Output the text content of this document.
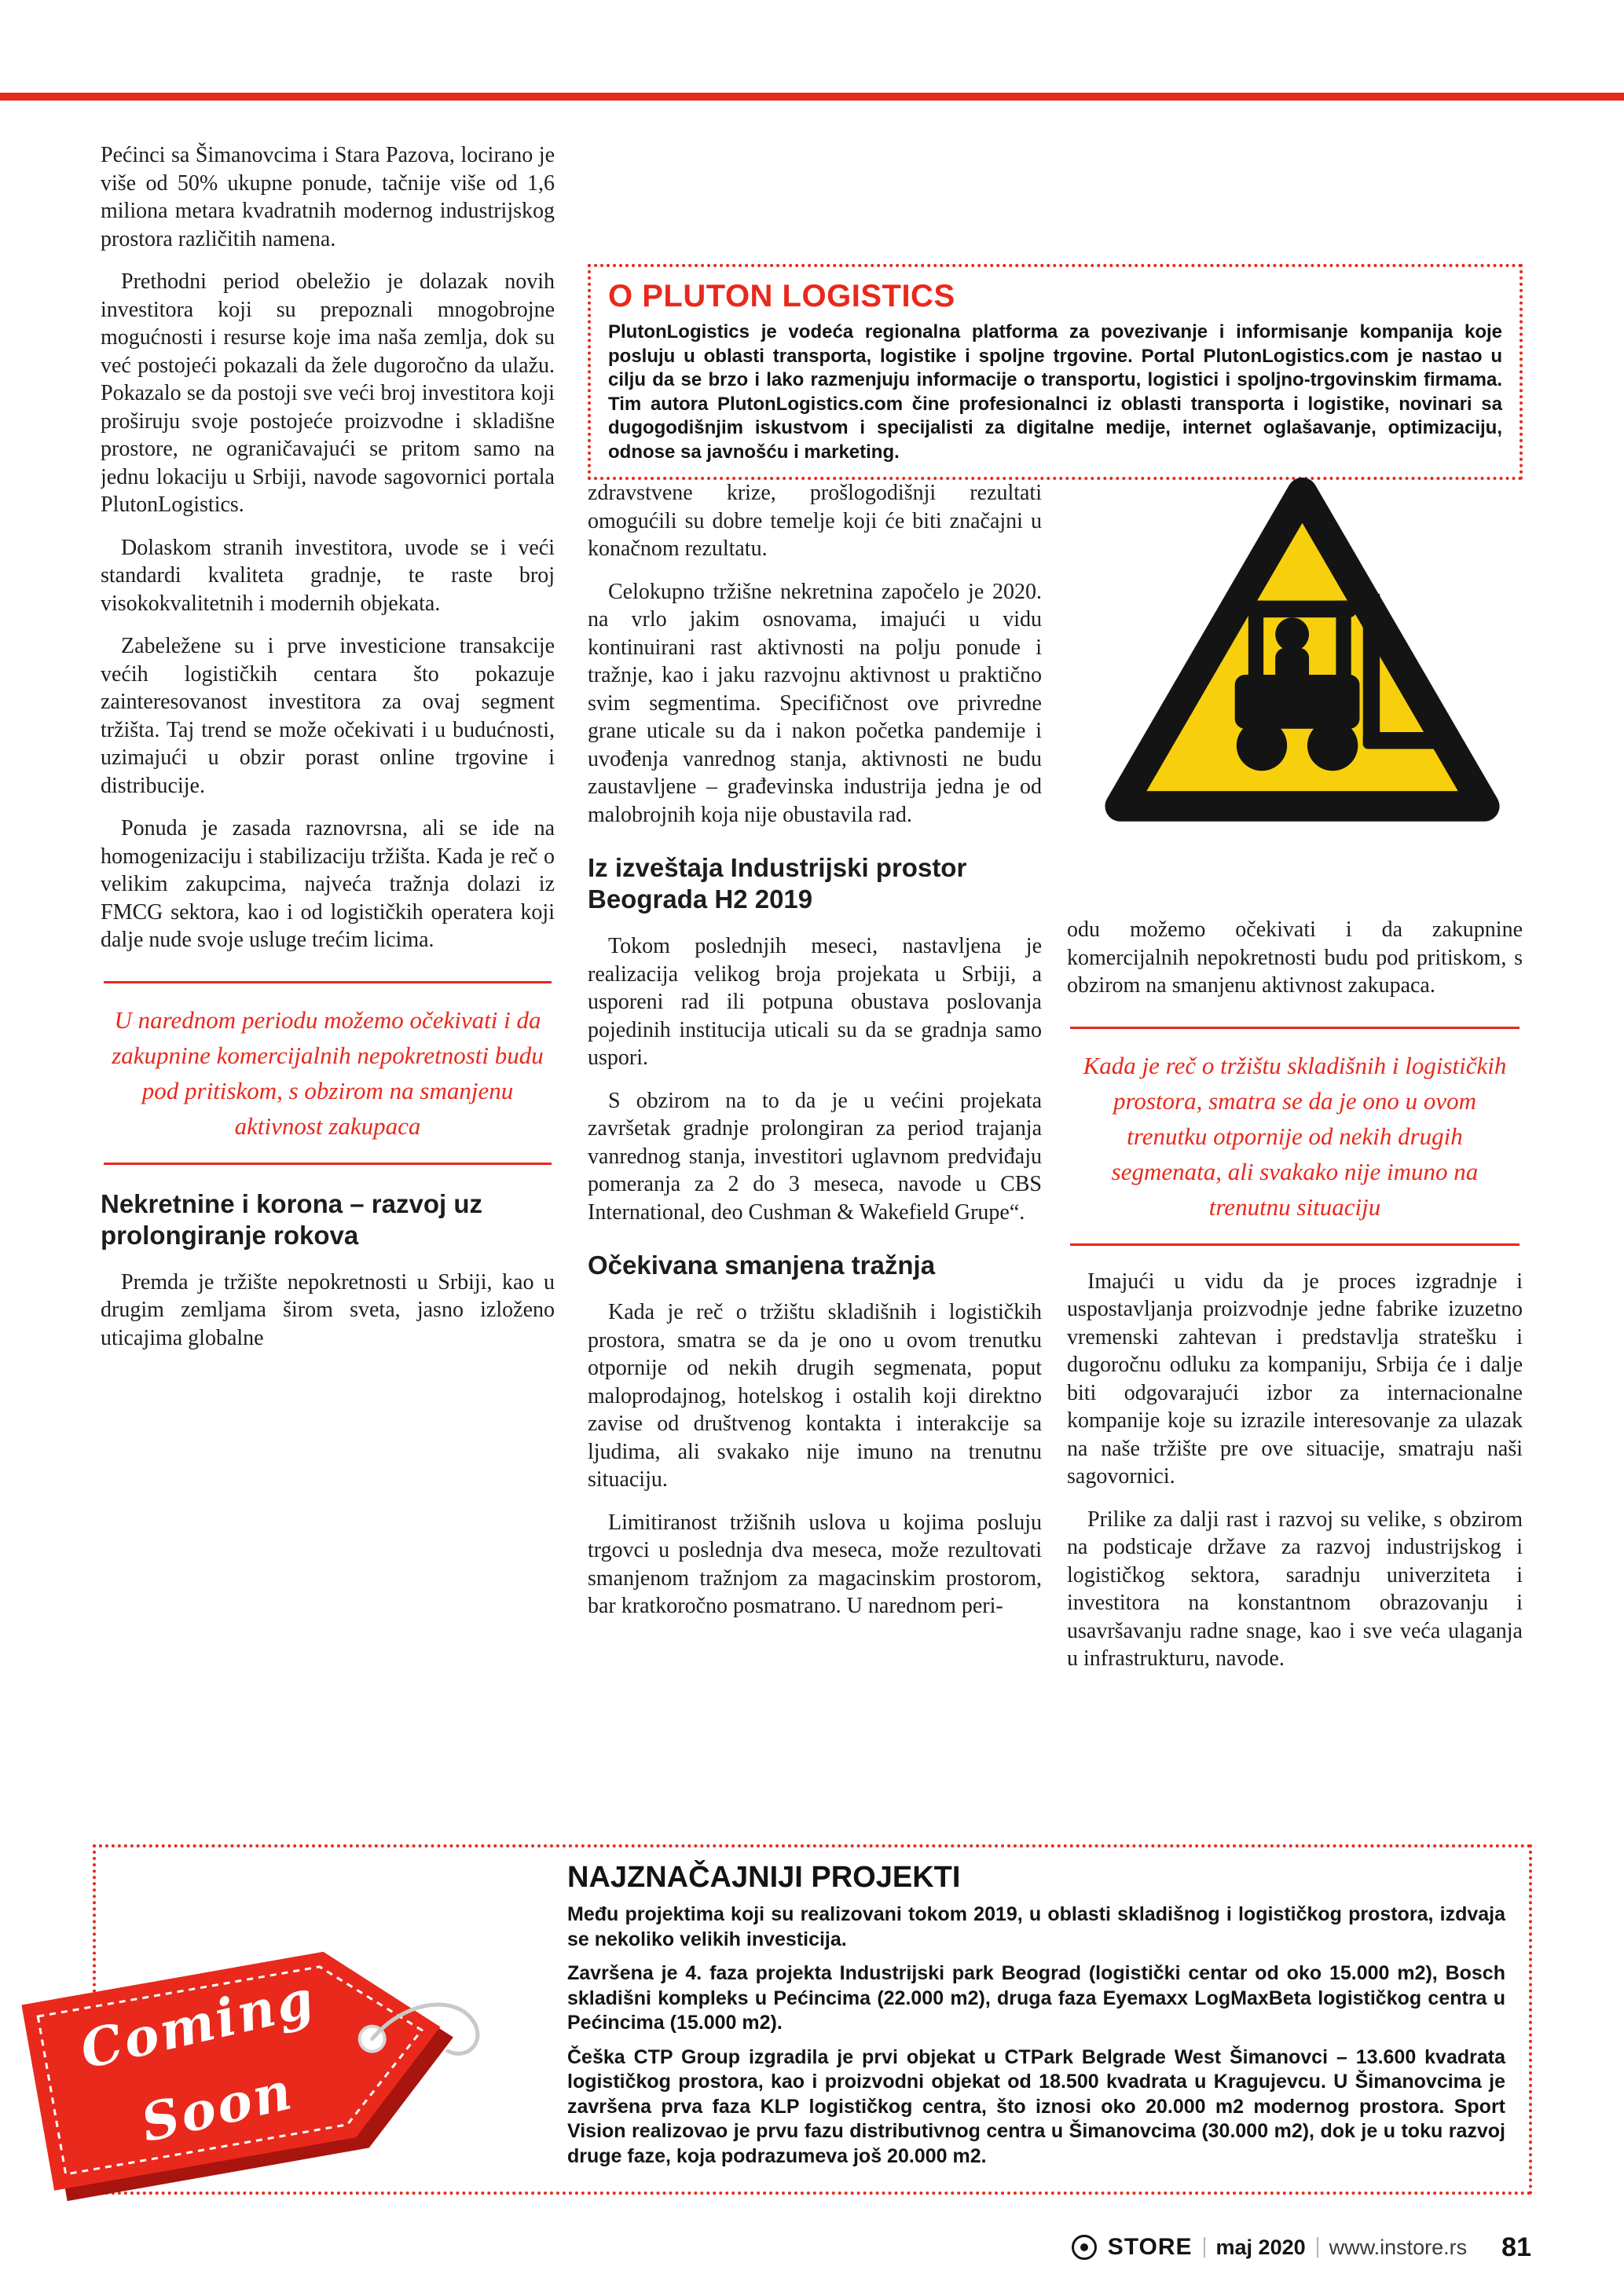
Pećinci sa Šimanovcima i Stara Pazova, locirano je više od 50% ukupne ponude, tačnije više od 1,6 miliona metara kvadratnih modernog industrijskog prostora različitih namena.

Prethodni period obeležio je dolazak novih investitora koji su prepoznali mnogobrojne mogućnosti i resurse koje ima naša zemlja, dok su već postojeći pokazali da žele dugoročno da ulažu. Pokazalo se da postoji sve veći broj investitora koji proširuju svoje postojeće proizvodne i skladišne prostore, ne ograničavajući se pritom samo na jednu lokaciju u Srbiji, navode sagovornici portala PlutonLogistics.

Dolaskom stranih investitora, uvode se i veći standardi kvaliteta gradnje, te raste broj visokokvalitetnih i modernih objekata.

Zabeležene su i prve investicione transakcije većih logističkih centara što pokazuje zainteresovanost investitora za ovaj segment tržišta. Taj trend se može očekivati i u budućnosti, uzimajući u obzir porast online trgovine i distribucije.

Ponuda je zasada raznovrsna, ali se ide na homogenizaciju i stabilizaciju tržišta. Kada je reč o velikim zakupcima, najveća tražnja dolazi iz FMCG sektora, kao i od logističkih operatera koji dalje nude svoje usluge trećim licima.

U narednom periodu možemo očekivati i da zakupnine komercijalnih nepokretnosti budu pod pritiskom, s obzirom na smanjenu aktivnost zakupaca

Nekretnine i korona – razvoj uz prolongiranje rokova

Premda je tržište nepokretnosti u Srbiji, kao u drugim zemljama širom sveta, jasno izloženo uticajima globalne

O PLUTON LOGISTICS

PlutonLogistics je vodeća regionalna platforma za povezivanje i informisanje kompanija koje posluju u oblasti transporta, logistike i spoljne trgovine. Portal PlutonLogistics.com je nastao u cilju da se brzo i lako razmenjuju informacije o transportu, logistici i spoljno-trgovinskim firmama. Tim autora PlutonLogistics.com čine profesionalnci iz oblasti transporta i logistike, novinari sa dugogodišnjim iskustvom i specijalisti za digitalne medije, internet oglašavanje, optimizaciju, odnose sa javnošću i marketing.

zdravstvene krize, prošlogodišnji rezultati omogućili su dobre temelje koji će biti značajni u konačnom rezultatu.

Celokupno tržišne nekretnina započelo je 2020. na vrlo jakim osnovama, imajući u vidu kontinuirani rast aktivnosti na polju ponude i tražnje, kao i jaku razvojnu aktivnost u praktično svim segmentima. Specifičnost ove privredne grane uticale su da i nakon početka pandemije i uvođenja vanrednog stanja, aktivnosti ne budu zaustavljene – građevinska industrija jedna je od malobrojnih koja nije obustavila rad.

Iz izveštaja Industrijski prostor Beograda H2 2019

Tokom poslednjih meseci, nastavljena je realizacija velikog broja projekata u Srbiji, a usporeni rad ili potpuna obustava poslovanja pojedinih institucija uticali su da se gradnja samo uspori.

S obzirom na to da je u većini projekata završetak gradnje prolongiran za period trajanja vanrednog stanja, investitori uglavnom predviđaju pomeranja za 2 do 3 meseca, navode u CBS International, deo Cushman & Wakefield Grupe“.

Očekivana smanjena tražnja

Kada je reč o tržištu skladišnih i logističkih prostora, smatra se da je ono u ovom trenutku otpornije od nekih drugih segmenata, poput maloprodajnog, hotelskog i ostalih koji direktno zavise od društvenog kontakta i interakcije sa ljudima, ali svakako nije imuno na trenutnu situaciju.

Limitiranost tržišnih uslova u kojima posluju trgovci u poslednja dva meseca, može rezultovati smanjenom tražnjom za magacinskim prostorom, bar kratkoročno posmatrano. U narednom peri-

odu možemo očekivati i da zakupnine komercijalnih nepokretnosti budu pod pritiskom, s obzirom na smanjenu aktivnost zakupaca.

Kada je reč o tržištu skladišnih i logističkih prostora, smatra se da je ono u ovom trenutku otpornije od nekih drugih segmenata, ali svakako nije imuno na trenutnu situaciju

Imajući u vidu da je proces izgradnje i uspostavljanja proizvodnje jedne fabrike izuzetno vremenski zahtevan i predstavlja stratešku i dugoročnu odluku za kompaniju, Srbija će i dalje biti odgovarajući izbor za internacionalne kompanije koje su izrazile interesovanje za ulazak na naše tržište pre ove situacije, smatraju naši sagovornici.

Prilike za dalji rast i razvoj su velike, s obzirom na podsticaje države za razvoj industrijskog i logističkog sektora, saradnju univerziteta i investitora na konstantnom obrazovanju i usavršavanju radne snage, kao i sve veća ulaganja u infrastrukturu, navode.

NAJZNAČAJNIJI PROJEKTI

Među projektima koji su realizovani tokom 2019, u oblasti skladišnog i logističkog prostora, izdvaja se nekoliko velikih investicija.

Završena je 4. faza projekta Industrijski park Beograd (logistički centar od oko 15.000 m2), Bosch skladišni kompleks u Pećincima (22.000 m2), druga faza Eyemaxx LogMaxBeta logističkog centra u Pećincima (15.000 m2).

Češka CTP Group izgradila je prvi objekat u CTPark Belgrade West Šimanovci – 13.600 kvadrata logističkog prostora, kao i proizvodni objekat od 18.500 kvadrata u Kragujevcu. U Šimanovcima je završena prva faza KLP logističkog centra, što iznosi oko 20.000 m2 modernog prostora. Sport Vision realizovao je prvu fazu distributivnog centra u Šimanovcima (30.000 m2), dok je u toku razvoj druge faze, koja podrazumeva još 20.000 m2.

Coming
Soon
STORE maj 2020 www.instore.rs 81
